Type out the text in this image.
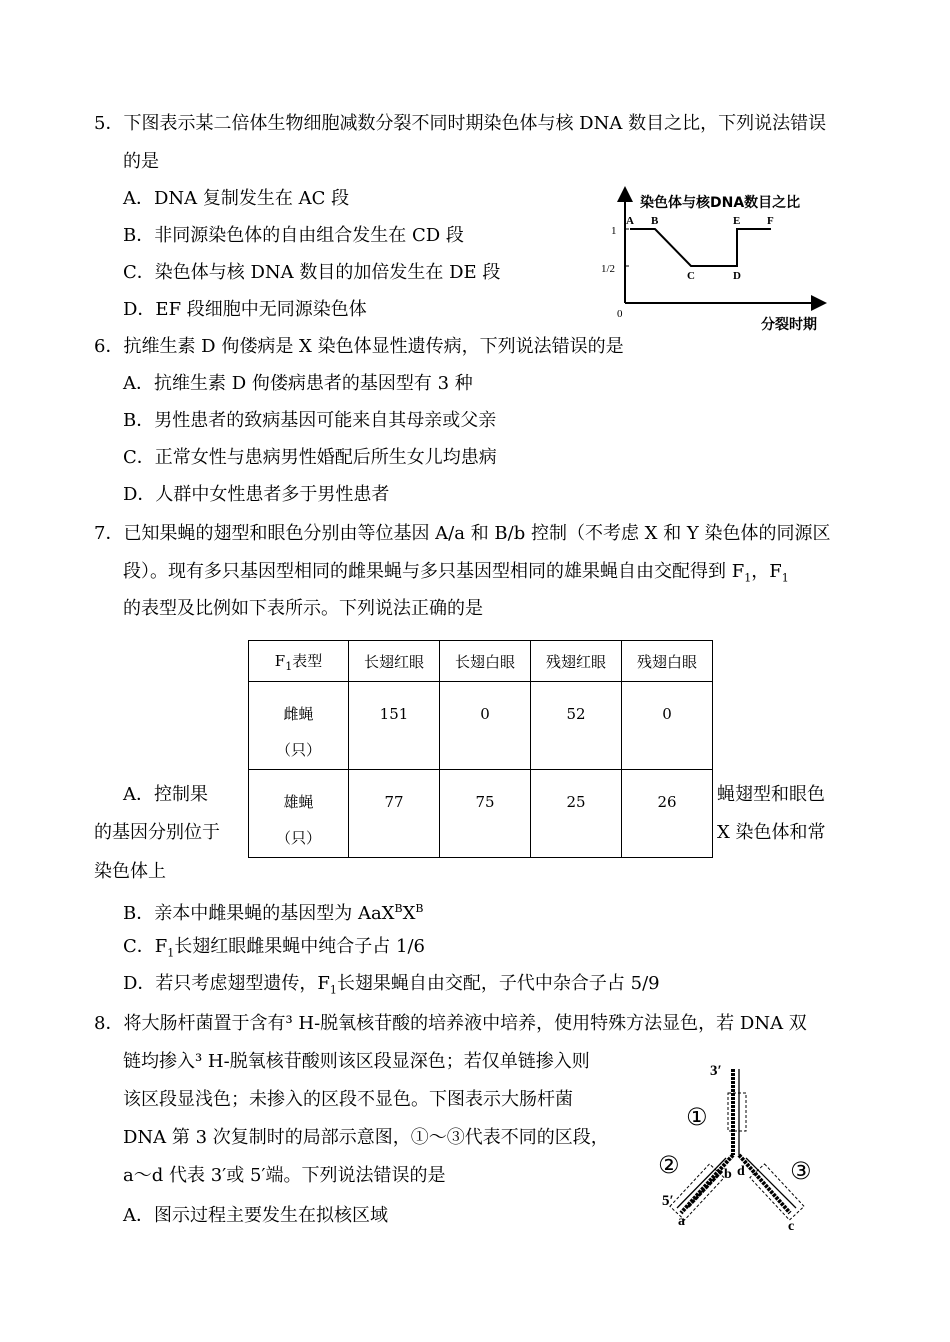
5．下图表示某二倍体生物细胞减数分裂不同时期染色体与核 DNA 数目之比，下列说法错误
的是
A．DNA 复制发生在 AC 段
B．非同源染色体的自由组合发生在 CD 段
C．染色体与核 DNA 数目的加倍发生在 DE 段
D．EF 段细胞中无同源染色体
染色体与核DNA数目之比
分裂时期
0
1
1/2
A B
C	D
E F
6．抗维生素 D 佝偻病是 X 染色体显性遗传病，下列说法错误的是
A．抗维生素 D 佝偻病患者的基因型有 3 种
B．男性患者的致病基因可能来自其母亲或父亲
C．正常女性与患病男性婚配后所生女儿均患病
D．人群中女性患者多于男性患者
7．已知果蝇的翅型和眼色分别由等位基因 A/a 和 B/b 控制（不考虑 X 和 Y 染色体的同源区
段）。现有多只基因型相同的雌果蝇与多只基因型相同的雄果蝇自由交配得到 $F_1$，$F_1$
的表型及比例如下表所示。下列说法正确的是
$F_1$表型	长翅红眼	长翅白眼	残翅红眼	残翅白眼
雌蝇
（只）	151	0	52	0
雄蝇
（只）	77	75	25	26
A．控制果	蝇翅型和眼色
的基因分别位于	X 染色体和常
染色体上
B．亲本中雌果蝇的基因型为 $AaX^BX^B$
C．$F_1$长翅红眼雌果蝇中纯合子占 1/6
D．若只考虑翅型遗传，$F_1$长翅果蝇自由交配，子代中杂合子占 5/9
8．将大肠杆菌置于含有³ H-脱氧核苷酸的培养液中培养，使用特殊方法显色，若 DNA 双
链均掺入³ H-脱氧核苷酸则该区段显深色；若仅单链掺入则
该区段显浅色；未掺入的区段不显色。下图表示大肠杆菌
DNA 第 3 次复制时的局部示意图，①～③代表不同的区段，
a～d 代表 3′或 5′端。下列说法错误的是
A．图示过程主要发生在拟核区域
3′
①
②	③
5′
a
b d
c
